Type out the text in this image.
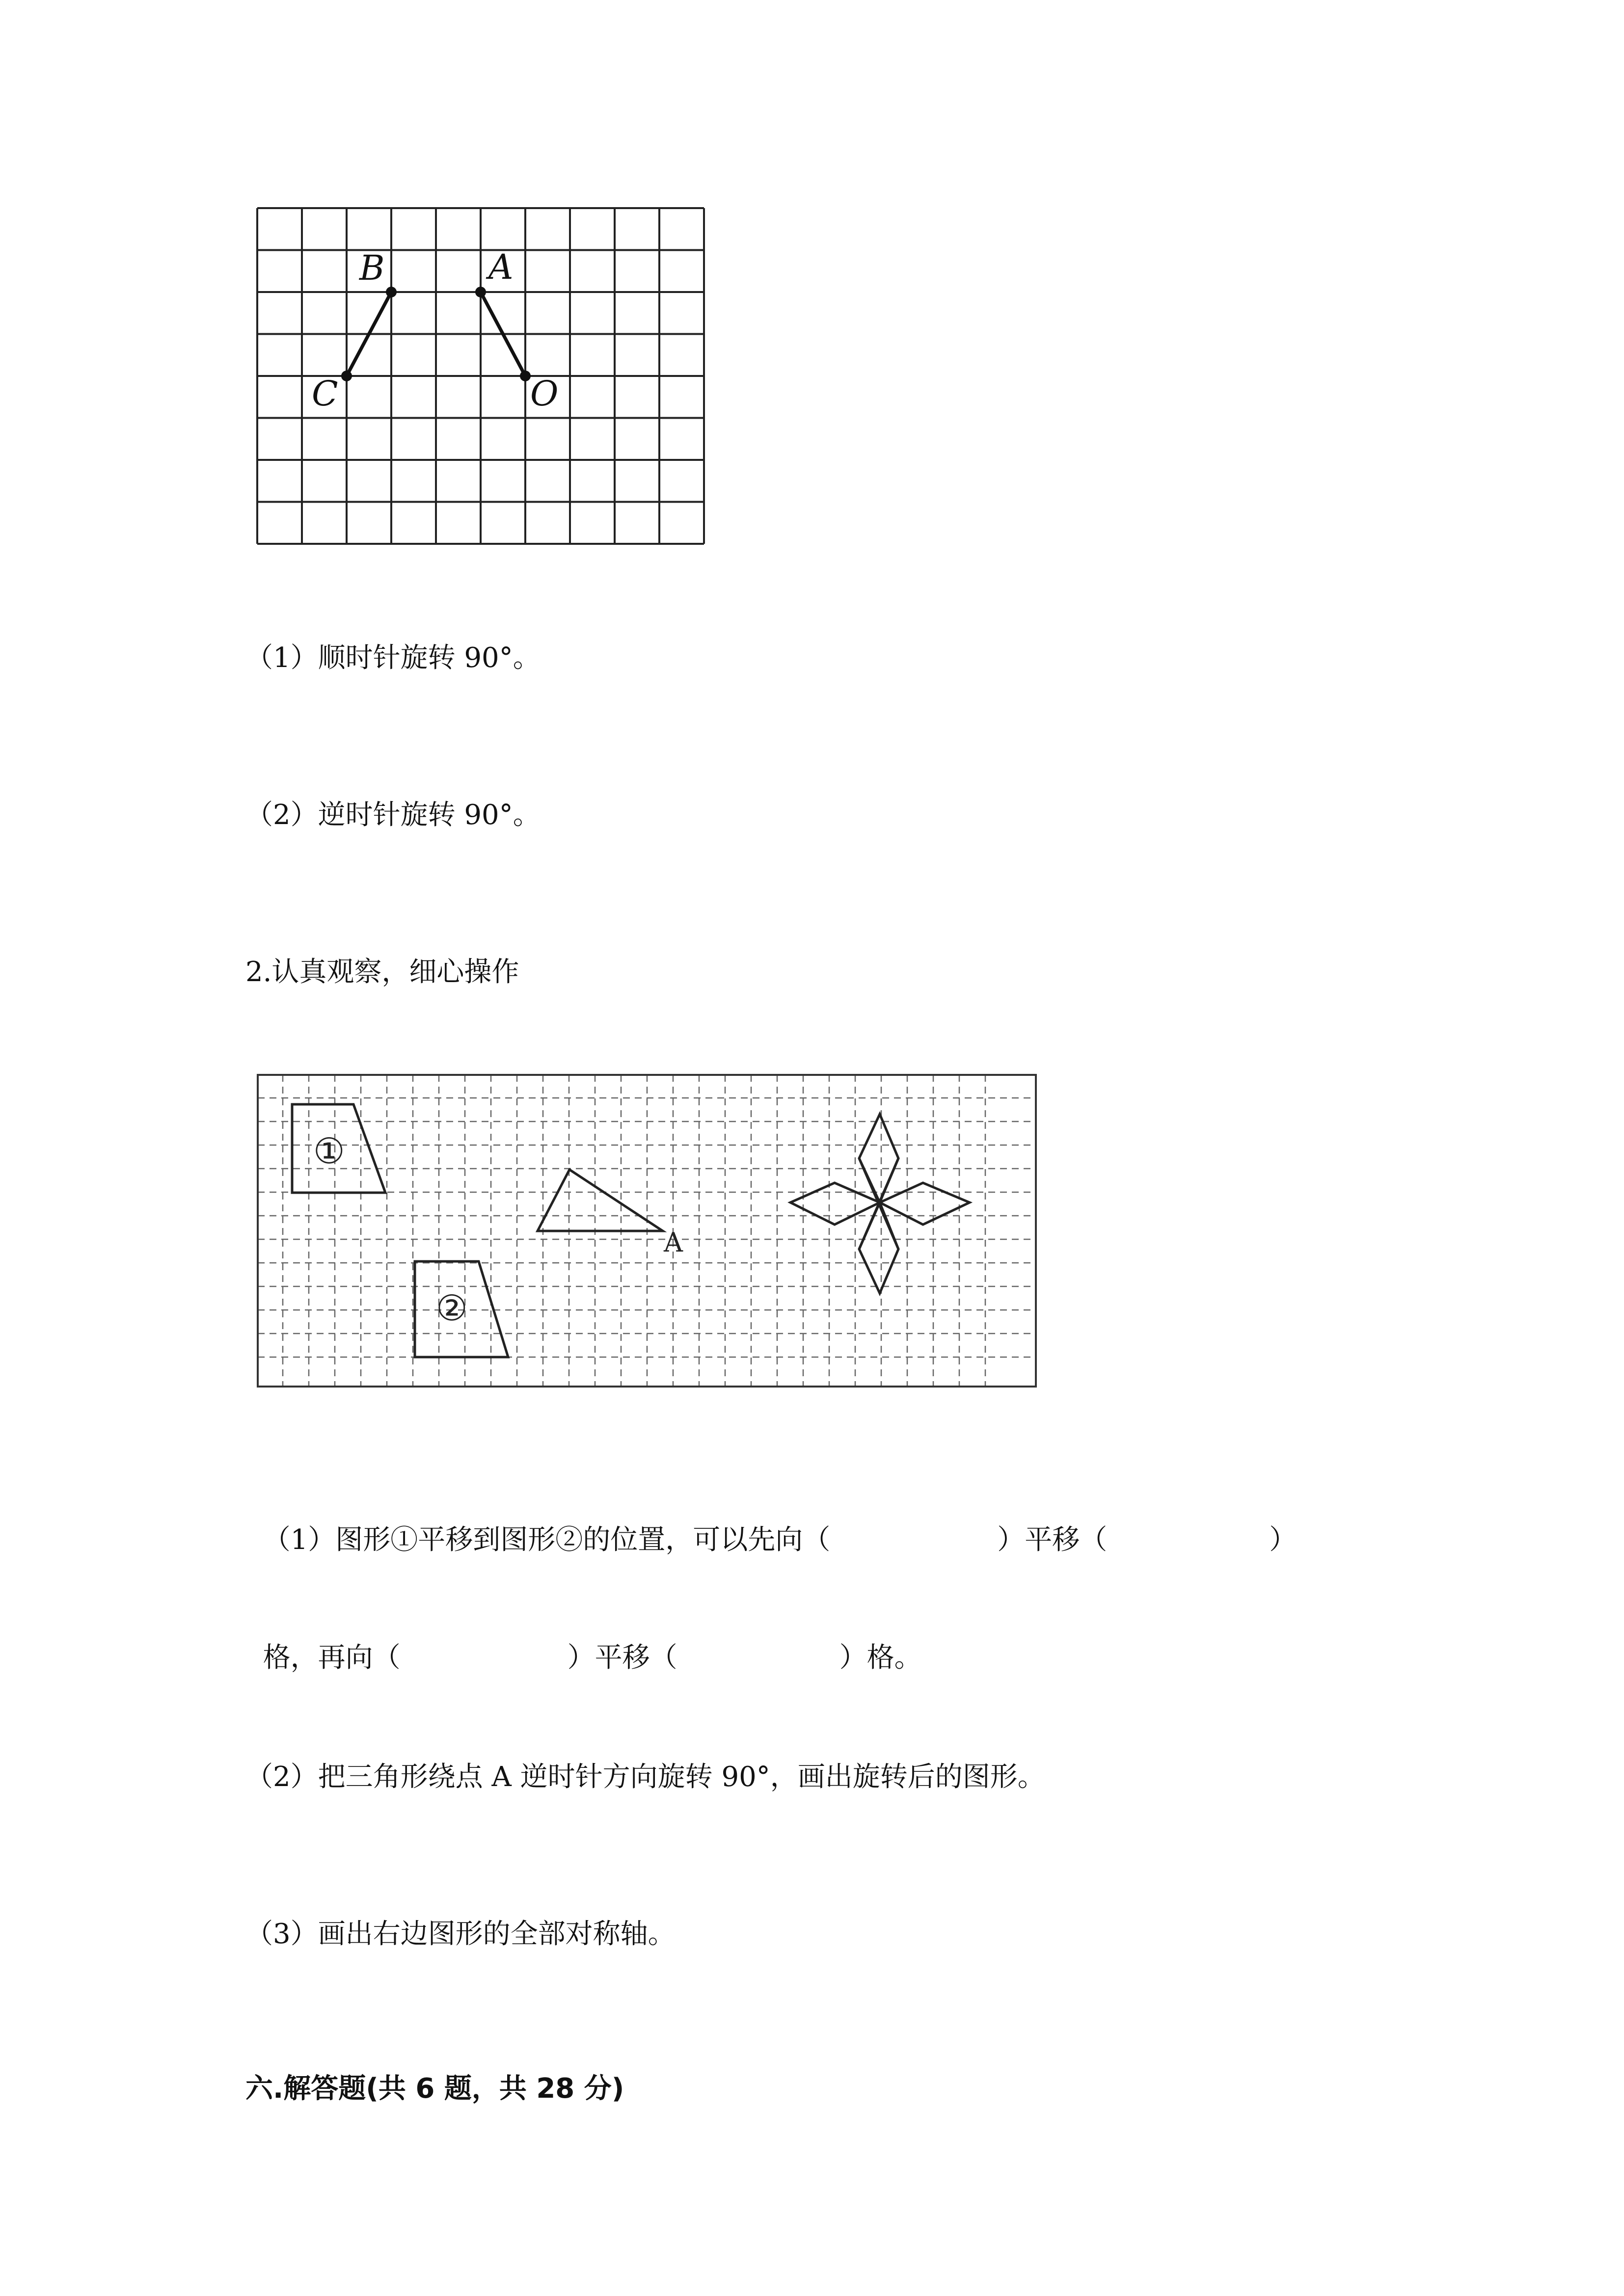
B	A
C	O
（1）顺时针旋转 90°。
（2）逆时针旋转 90°。
2.认真观察，细心操作
①
②
A

（1）图形①平移到图形②的位置，可以先向（	）平移（	）

格，再向（	）平移（	）格。

（2）把三角形绕点 A 逆时针方向旋转 90°，画出旋转后的图形。
（3）画出右边图形的全部对称轴。
六.解答题(共 6 题，共 28 分)
